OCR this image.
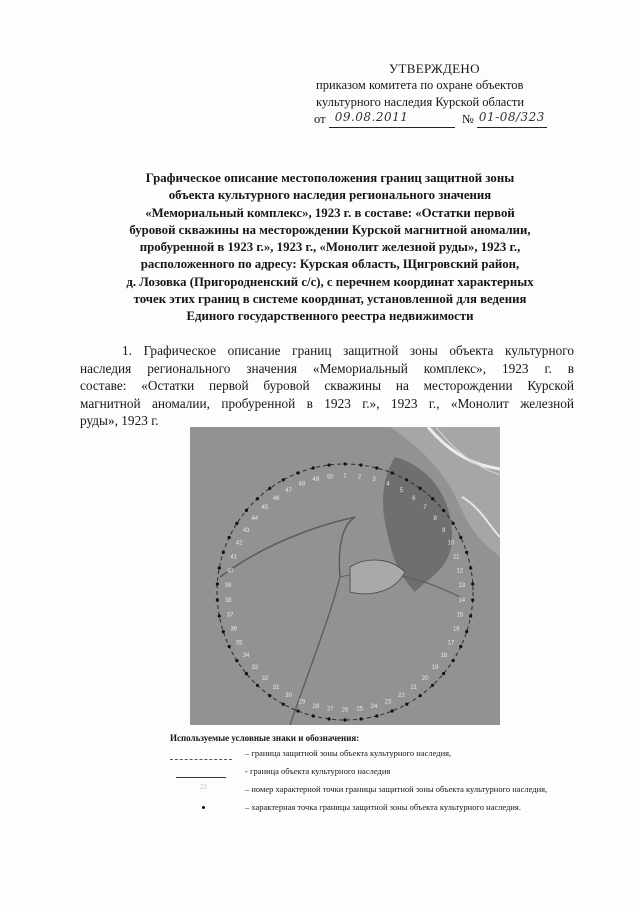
УТВЕРЖДЕНО
приказом комитета по охране объектов
культурного наследия Курской области
от 09.08.2011	№ 01-08/323
Графическое описание местоположения границ защитной зоны
объекта культурного наследия регионального значения
«Мемориальный комплекс», 1923 г. в составе: «Остатки первой
буровой скважины на месторождении Курской магнитной аномалии,
пробуренной в 1923 г.», 1923 г., «Монолит железной руды», 1923 г.,
расположенного по адресу: Курская область, Щигровский район,
д. Лозовка (Пригородненский с/с), с перечнем координат характерных
точек этих границ в системе координат, установленной для ведения
Единого государственного реестра недвижимости
1. Графическое описание границ защитной зоны объекта культурного
наследия регионального значения «Мемориальный комплекс», 1923 г. в
составе: «Остатки первой буровой скважины на месторождении Курской
магнитной аномалии, пробуренной в 1923 г.», 1923 г., «Монолит железной
руды», 1923 г.
1 2 3
4
5
6
7
8
9
10
11
12
13
14
15
16
17
18
19
20
21
22
23
24
25
26
27
28
29
30
31
32
33
34
35
36
37
38
39
40
41
42
43
44
45
46
47
48
49 50
Используемые условные знаки и обозначения:
– граница защитной зоны объекта культурного наследия,
- граница объекта культурного наследия
22	– номер характерной точки границы защитной зоны объекта культурного наследия,
– характерная точка границы защитной зоны объекта культурного наследия.
